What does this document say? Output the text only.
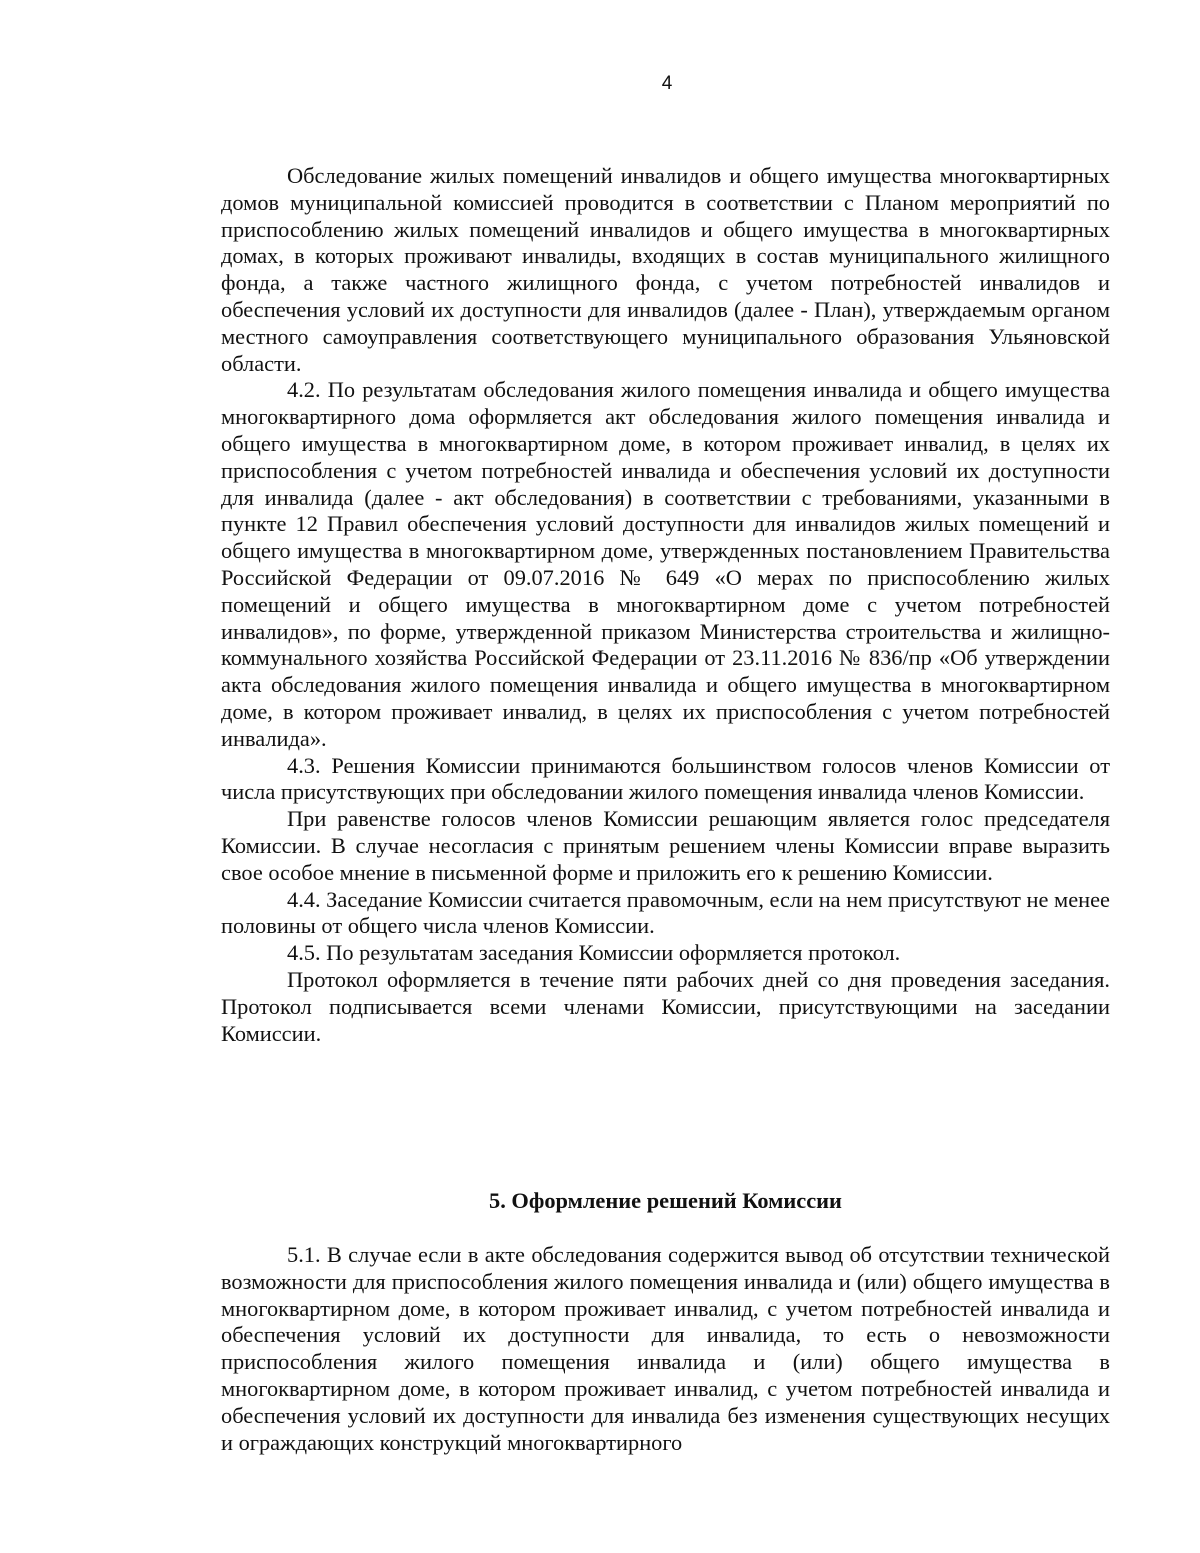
4

Обследование жилых помещений инвалидов и общего имущества многоквартирных домов муниципальной комиссией проводится в соответствии с Планом мероприятий по приспособлению жилых помещений инвалидов и общего имущества в многоквартирных домах, в которых проживают инвалиды, входящих в состав муниципального жилищного фонда, а также частного жилищного фонда, с учетом потребностей инвалидов и обеспечения условий их доступности для инвалидов (далее - План), утверждаемым органом местного самоуправления соответствующего муниципального образования Ульяновской области.

4.2. По результатам обследования жилого помещения инвалида и общего имущества многоквартирного дома оформляется акт обследования жилого помещения инвалида и общего имущества в многоквартирном доме, в котором проживает инвалид, в целях их приспособления с учетом потребностей инвалида и обеспечения условий их доступности для инвалида (далее - акт обследования) в соответствии с требованиями, указанными в пункте 12 Правил обеспечения условий доступности для инвалидов жилых помещений и общего имущества в многоквартирном доме, утвержденных постановлением Правительства Российской Федерации от 09.07.2016 № 649 «О мерах по приспособлению жилых помещений и общего имущества в многоквартирном доме с учетом потребностей инвалидов», по форме, утвержденной приказом Министерства строительства и жилищно-коммунального хозяйства Российской Федерации от 23.11.2016 № 836/пр «Об утверждении акта обследования жилого помещения инвалида и общего имущества в многоквартирном доме, в котором проживает инвалид, в целях их приспособления с учетом потребностей инвалида».

4.3. Решения Комиссии принимаются большинством голосов членов Комиссии от числа присутствующих при обследовании жилого помещения инвалида членов Комиссии.

При равенстве голосов членов Комиссии решающим является голос председателя Комиссии. В случае несогласия с принятым решением члены Комиссии вправе выразить свое особое мнение в письменной форме и приложить его к решению Комиссии.

4.4. Заседание Комиссии считается правомочным, если на нем присутствуют не менее половины от общего числа членов Комиссии.

4.5. По результатам заседания Комиссии оформляется протокол.

Протокол оформляется в течение пяти рабочих дней со дня проведения заседания. Протокол подписывается всеми членами Комиссии, присутствующими на заседании Комиссии.

5. Оформление решений Комиссии

5.1. В случае если в акте обследования содержится вывод об отсутствии технической возможности для приспособления жилого помещения инвалида и (или) общего имущества в многоквартирном доме, в котором проживает инвалид, с учетом потребностей инвалида и обеспечения условий их доступности для инвалида, то есть о невозможности приспособления жилого помещения инвалида и (или) общего имущества в многоквартирном доме, в котором проживает инвалид, с учетом потребностей инвалида и обеспечения условий их доступности для инвалида без изменения существующих несущих и ограждающих конструкций многоквартирного
